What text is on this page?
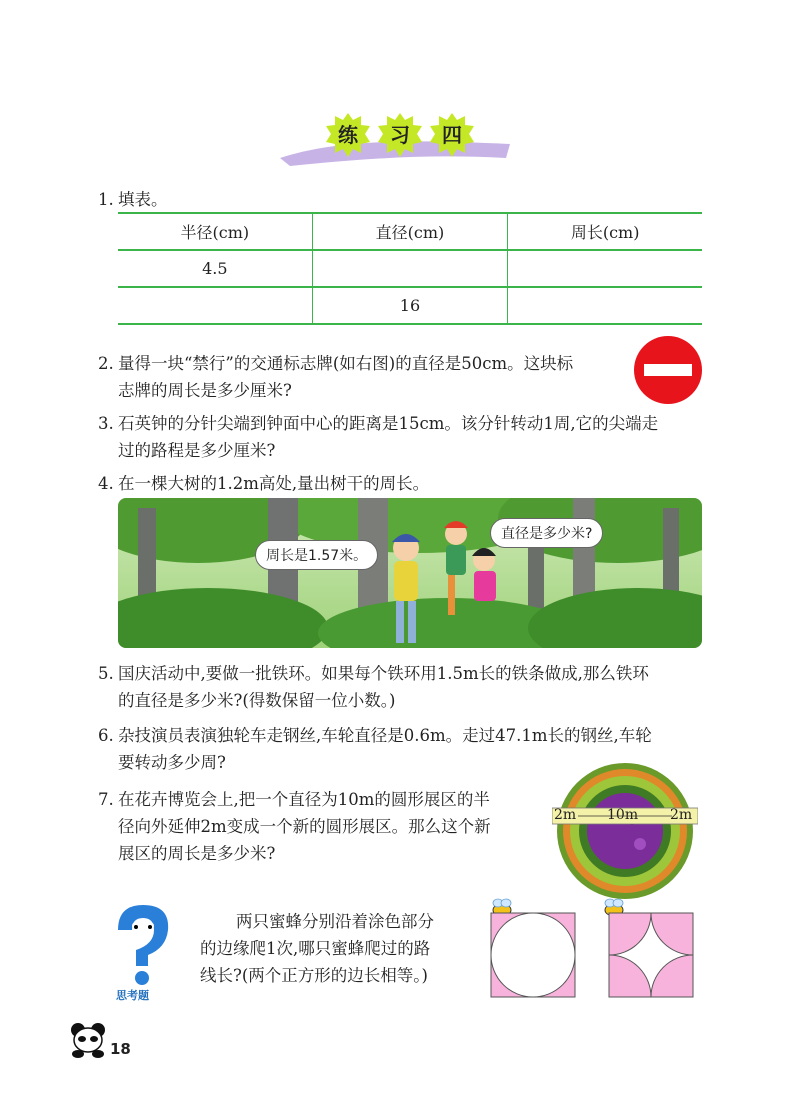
练	习	四
1. 填表。
半径(cm)	直径(cm)	周长(cm)
4.5		
	16	
2. 量得一块“禁行”的交通标志牌(如右图)的直径是50cm。这块标
志牌的周长是多少厘米?
3. 石英钟的分针尖端到钟面中心的距离是15cm。该分针转动1周,它的尖端走
过的路程是多少厘米?
4. 在一棵大树的1.2m高处,量出树干的周长。
周长是1.57米。
直径是多少米?
5. 国庆活动中,要做一批铁环。如果每个铁环用1.5m长的铁条做成,那么铁环
的直径是多少米?(得数保留一位小数。)
6. 杂技演员表演独轮车走钢丝,车轮直径是0.6m。走过47.1m长的钢丝,车轮
要转动多少周?
7. 在花卉博览会上,把一个直径为10m的圆形展区的半
径向外延伸2m变成一个新的圆形展区。那么这个新
展区的周长是多少米?
2m 10m 2m
思考题
两只蜜蜂分别沿着涂色部分
的边缘爬1次,哪只蜜蜂爬过的路
线长?(两个正方形的边长相等。)
18
